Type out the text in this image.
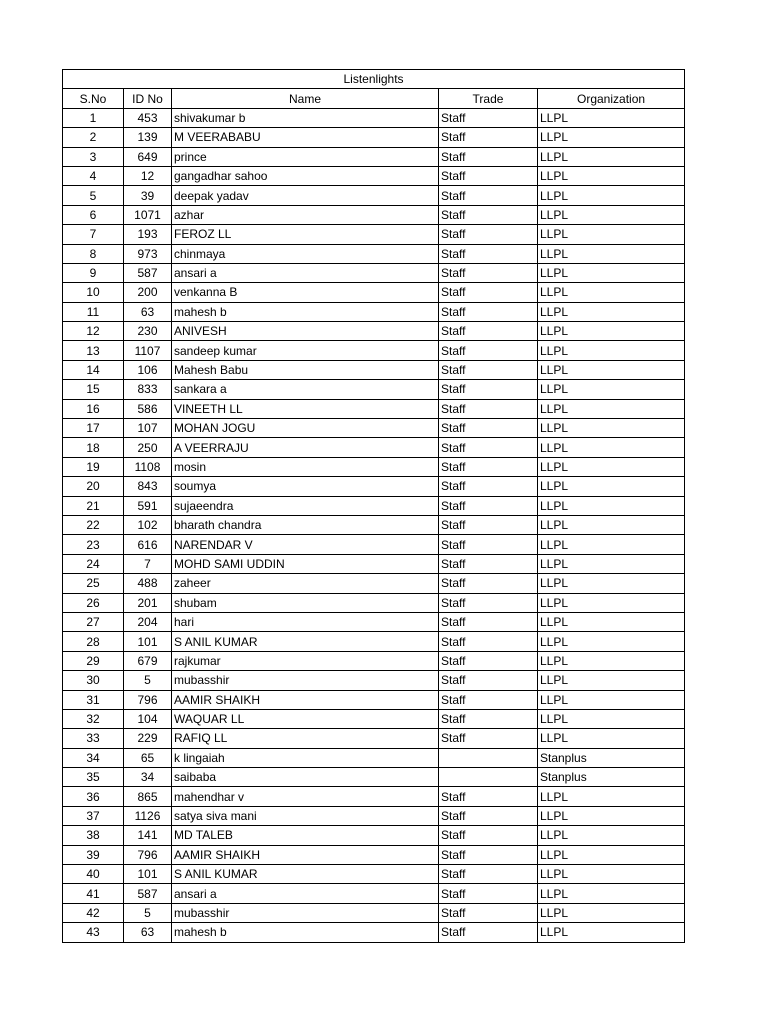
Listenlights				
S.No	ID No	Name	Trade	Organization
1	453	shivakumar b	Staff	LLPL
2	139	M VEERABABU	Staff	LLPL
3	649	prince	Staff	LLPL
4	12	gangadhar sahoo	Staff	LLPL
5	39	deepak yadav	Staff	LLPL
6	1071	azhar	Staff	LLPL
7	193	FEROZ LL	Staff	LLPL
8	973	chinmaya	Staff	LLPL
9	587	ansari a	Staff	LLPL
10	200	venkanna B	Staff	LLPL
11	63	mahesh b	Staff	LLPL
12	230	ANIVESH	Staff	LLPL
13	1107	sandeep kumar	Staff	LLPL
14	106	Mahesh Babu	Staff	LLPL
15	833	sankara a	Staff	LLPL
16	586	VINEETH LL	Staff	LLPL
17	107	MOHAN JOGU	Staff	LLPL
18	250	A VEERRAJU	Staff	LLPL
19	1108	mosin	Staff	LLPL
20	843	soumya	Staff	LLPL
21	591	sujaeendra	Staff	LLPL
22	102	bharath chandra	Staff	LLPL
23	616	NARENDAR V	Staff	LLPL
24	7	MOHD SAMI UDDIN	Staff	LLPL
25	488	zaheer	Staff	LLPL
26	201	shubam	Staff	LLPL
27	204	hari	Staff	LLPL
28	101	S ANIL KUMAR	Staff	LLPL
29	679	rajkumar	Staff	LLPL
30	5	mubasshir	Staff	LLPL
31	796	AAMIR SHAIKH	Staff	LLPL
32	104	WAQUAR LL	Staff	LLPL
33	229	RAFIQ LL	Staff	LLPL
34	65	k lingaiah		Stanplus
35	34	saibaba		Stanplus
36	865	mahendhar v	Staff	LLPL
37	1126	satya siva mani	Staff	LLPL
38	141	MD TALEB	Staff	LLPL
39	796	AAMIR SHAIKH	Staff	LLPL
40	101	S ANIL KUMAR	Staff	LLPL
41	587	ansari a	Staff	LLPL
42	5	mubasshir	Staff	LLPL
43	63	mahesh b	Staff	LLPL
